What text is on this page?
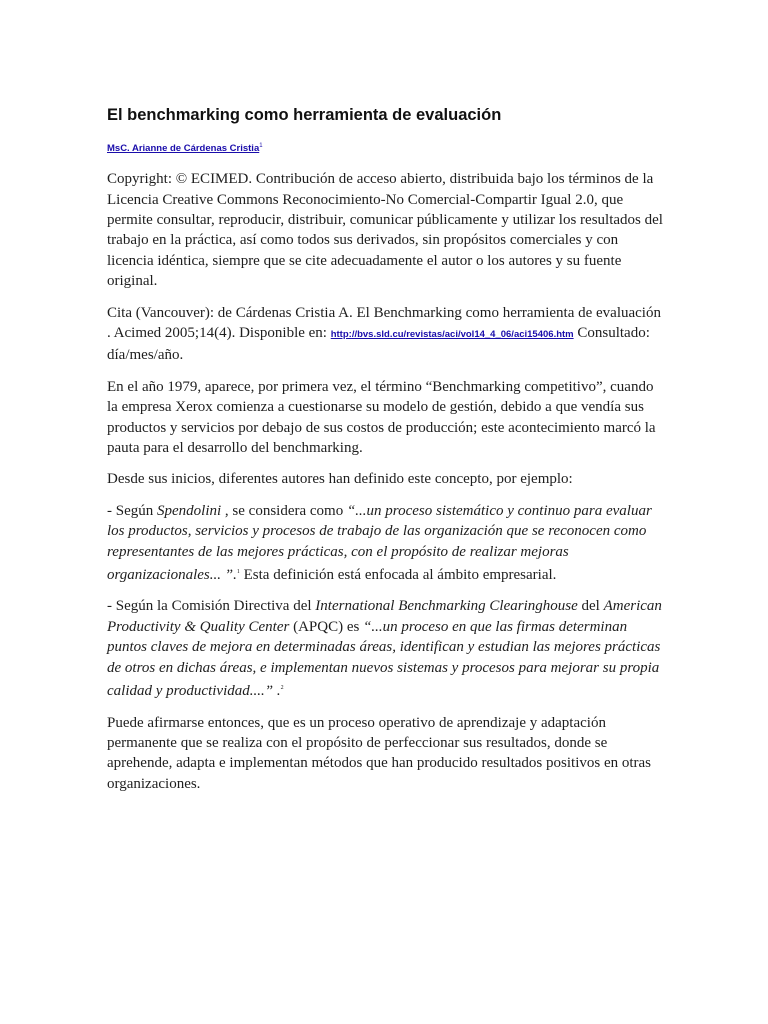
El benchmarking como herramienta de evaluación
MsC. Arianne de Cárdenas Cristia$^1$

Copyright: © ECIMED. Contribución de acceso abierto, distribuida bajo los términos de la Licencia Creative Commons Reconocimiento-No Comercial-Compartir Igual 2.0, que permite consultar, reproducir, distribuir, comunicar públicamente y utilizar los resultados del trabajo en la práctica, así como todos sus derivados, sin propósitos comerciales y con licencia idéntica, siempre que se cite adecuadamente el autor o los autores y su fuente original.

Cita (Vancouver): de Cárdenas Cristia A. El Benchmarking como herramienta de evaluación . Acimed 2005;14(4). Disponible en: http://bvs.sld.cu/revistas/aci/vol14_4_06/aci15406.htm Consultado: día/mes/año.

En el año 1979, aparece, por primera vez, el término “Benchmarking competitivo”, cuando la empresa Xerox comienza a cuestionarse su modelo de gestión, debido a que vendía sus productos y servicios por debajo de sus costos de producción; este acontecimiento marcó la pauta para el desarrollo del benchmarking.

Desde sus inicios, diferentes autores han definido este concepto, por ejemplo:

- Según Spendolini , se considera como “...un proceso sistemático y continuo para evaluar los productos, servicios y procesos de trabajo de las organización que se reconocen como representantes de las mejores prácticas, con el propósito de realizar mejoras organizacionales... ”.$^1$ Esta definición está enfocada al ámbito empresarial.

- Según la Comisión Directiva del International Benchmarking Clearinghouse del American Productivity & Quality Center (APQC) es “...un proceso en que las firmas determinan puntos claves de mejora en determinadas áreas, identifican y estudian las mejores prácticas de otros en dichas áreas, e implementan nuevos sistemas y procesos para mejorar su propia calidad y productividad....” .$^2$

Puede afirmarse entonces, que es un proceso operativo de aprendizaje y adaptación permanente que se realiza con el propósito de perfeccionar sus resultados, donde se aprehende, adapta e implementan métodos que han producido resultados positivos en otras organizaciones.
